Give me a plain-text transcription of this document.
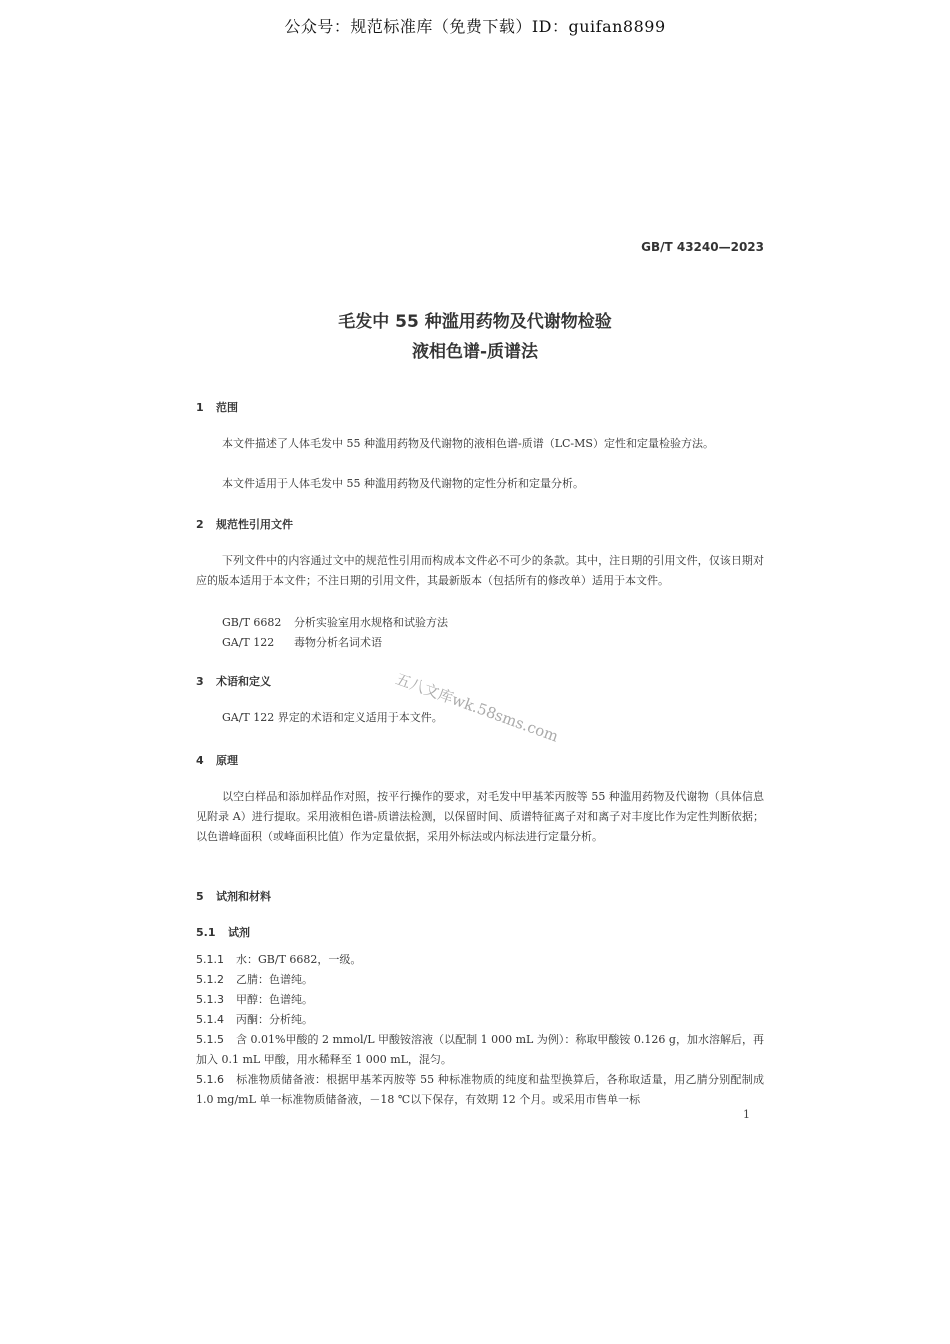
公众号：规范标准库（免费下载）ID：guifan8899
GB/T 43240—2023
毛发中 55 种滥用药物及代谢物检验
液相色谱-质谱法
1 范围
本文件描述了人体毛发中 55 种滥用药物及代谢物的液相色谱-质谱（LC-MS）定性和定量检验方法。
本文件适用于人体毛发中 55 种滥用药物及代谢物的定性分析和定量分析。
2 规范性引用文件
下列文件中的内容通过文中的规范性引用而构成本文件必不可少的条款。其中，注日期的引用文件，仅该日期对应的版本适用于本文件；不注日期的引用文件，其最新版本（包括所有的修改单）适用于本文件。
GB/T 6682 分析实验室用水规格和试验方法
GA/T 122 毒物分析名词术语
3 术语和定义
GA/T 122 界定的术语和定义适用于本文件。
4 原理
以空白样品和添加样品作对照，按平行操作的要求，对毛发中甲基苯丙胺等 55 种滥用药物及代谢物（具体信息见附录 A）进行提取。采用液相色谱-质谱法检测，以保留时间、质谱特征离子对和离子对丰度比作为定性判断依据；以色谱峰面积（或峰面积比值）作为定量依据，采用外标法或内标法进行定量分析。
5 试剂和材料
5.1 试剂
5.1.1 水：GB/T 6682，一级。
5.1.2 乙腈：色谱纯。
5.1.3 甲醇：色谱纯。
5.1.4 丙酮：分析纯。
5.1.5 含 0.01%甲酸的 2 mmol/L 甲酸铵溶液（以配制 1 000 mL 为例）：称取甲酸铵 0.126 g，加水溶解后，再加入 0.1 mL 甲酸，用水稀释至 1 000 mL，混匀。
5.1.6 标准物质储备液：根据甲基苯丙胺等 55 种标准物质的纯度和盐型换算后，各称取适量，用乙腈分别配制成 1.0 mg/mL 单一标准物质储备液，－18 ℃以下保存，有效期 12 个月。或采用市售单一标
五八文库wk.58sms.com
1
